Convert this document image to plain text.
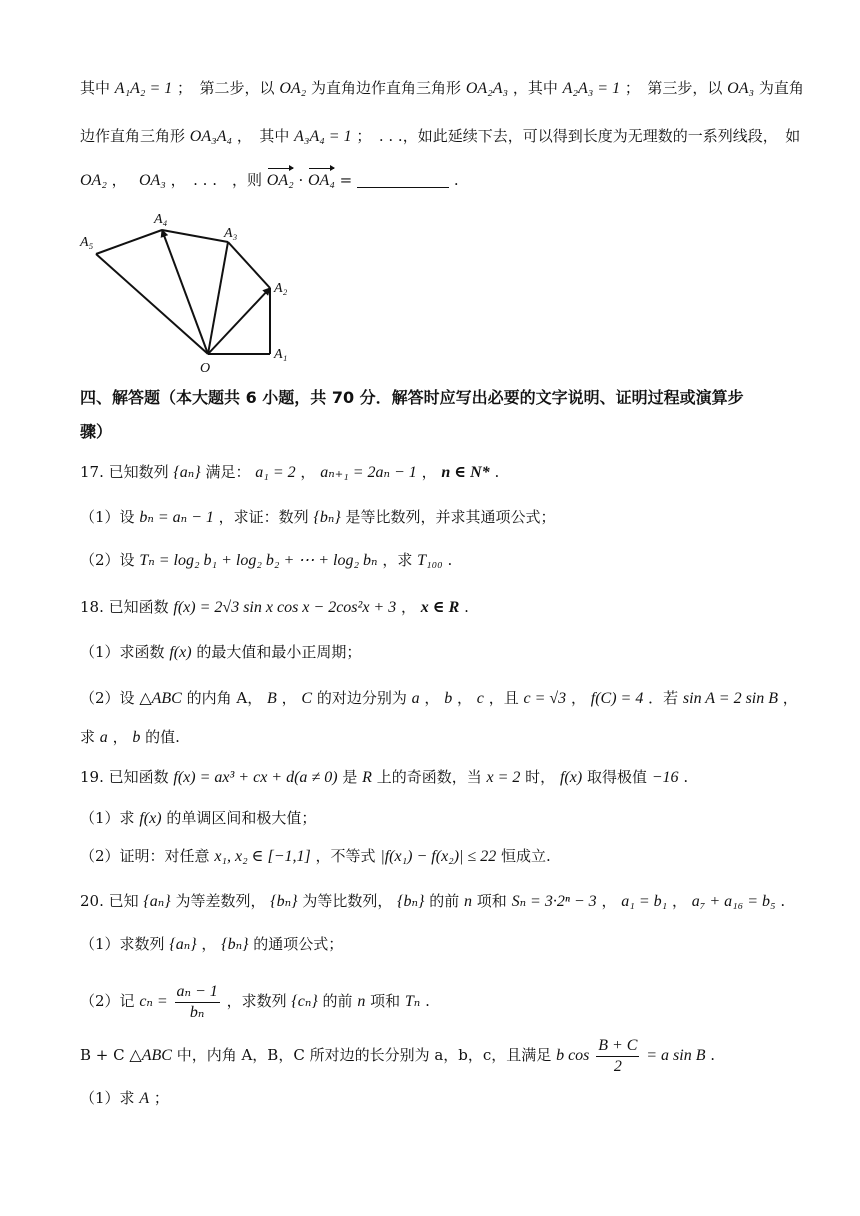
其中 A₁A₂ = 1 ；　第二步，以 OA₂ 为直角边作直角三角形 OA₂A₃ ，其中 A₂A₃ = 1 ；　第三步，以 OA₃ 为直角
边作直角三角形 OA₃A₄ ，　其中 A₃A₄ = 1 ；　. . .，如此延续下去，可以得到长度为无理数的一系列线段，　如
OA₂ ，　 OA₃ ，　. . .　，则 OA₂ · OA₄ =	.
O
A₁
A₂
A₃
A₄
A₅
四、解答题（本大题共 6 小题，共 70 分．解答时应写出必要的文字说明、证明过程或演算步
骤）
17. 已知数列 {aₙ} 满足： a₁ = 2 ， aₙ₊₁ = 2aₙ − 1 ， n ∈ N* .
（1）设 bₙ = aₙ − 1 ，求证：数列 {bₙ} 是等比数列，并求其通项公式；
（2）设 Tₙ = log₂ b₁ + log₂ b₂ + ⋯ + log₂ bₙ ，求 T₁₀₀ .
18. 已知函数 f(x) = 2√3 sin x cos x − 2cos²x + 3 ， x ∈ R .
（1）求函数 f(x) 的最大值和最小正周期；
（2）设 △ABC 的内角 A， B ， C 的对边分别为 a ， b ， c ，且 c = √3 ， f(C) = 4 ．若 sin A = 2 sin B ，
求 a ， b 的值.
19. 已知函数 f(x) = ax³ + cx + d(a ≠ 0) 是 R 上的奇函数，当 x = 2 时， f(x) 取得极值 −16 .
（1）求 f(x) 的单调区间和极大值；
（2）证明：对任意 x₁, x₂ ∈ [−1,1] ，不等式 |f(x₁) − f(x₂)| ≤ 22 恒成立.
20. 已知 {aₙ} 为等差数列， {bₙ} 为等比数列， {bₙ} 的前 n 项和 Sₙ = 3·2ⁿ − 3 ， a₁ = b₁ ， a₇ + a₁₆ = b₅ .
（1）求数列 {aₙ} ， {bₙ} 的通项公式；
（2）记 $c_n = \frac{\text{aₙ − 1}}{\text{bₙ}}$ ，求数列 {cₙ} 的前 n 项和 Tₙ .
B + C △ABC 中，内角 A，B，C 所对边的长分别为 a，b，c，且满足 b $\cos \frac{B + C}{2} = a$ sin B .
（1）求 A ；
